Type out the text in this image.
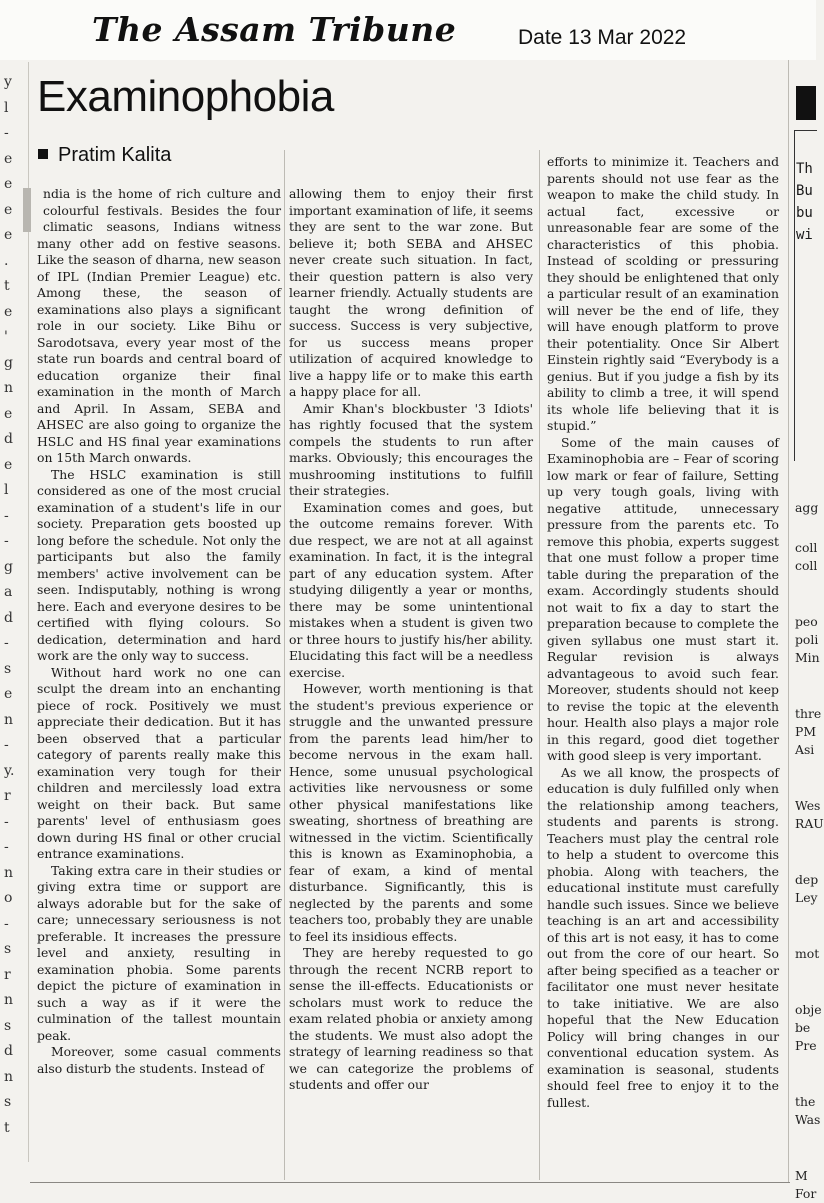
The Assam Tribune	Date 13 Mar 2022
y
l
-
e
e
e
e
.
t
e
'
g
n
e
d
e
l
-
-
g
a
d
-
s
e
n
-
y.
r
-
-
n
o
-
s
r
n
s
d
n
s
t
Examinophobia
Pratim Kalita

ndia is the home of rich culture and colourful festivals. Besides the four climatic seasons, Indians witness many other add on festive seasons. Like the season of dharna, new season of IPL (Indian Premier League) etc. Among these, the season of examinations also plays a significant role in our society. Like Bihu or Sarodotsava, every year most of the state run boards and central board of education organize their final examination in the month of March and April. In Assam, SEBA and AHSEC are also going to organize the HSLC and HS final year examinations on 15th March onwards.

The HSLC examination is still considered as one of the most crucial examination of a student's life in our society. Preparation gets boosted up long before the schedule. Not only the participants but also the family members' active involvement can be seen. Indisputably, nothing is wrong here. Each and everyone desires to be certified with flying colours. So dedication, determination and hard work are the only way to success.

Without hard work no one can sculpt the dream into an enchanting piece of rock. Positively we must appreciate their dedication. But it has been observed that a particular category of parents really make this examination very tough for their children and mercilessly load extra weight on their back. But same parents' level of enthusiasm goes down during HS final or other crucial entrance examinations.

Taking extra care in their studies or giving extra time or support are always adorable but for the sake of care; unnecessary seriousness is not preferable. It increases the pressure level and anxiety, resulting in examination phobia. Some parents depict the picture of examination in such a way as if it were the culmination of the tallest mountain peak.

Moreover, some casual comments also disturb the students. Instead of

allowing them to enjoy their first important examination of life, it seems they are sent to the war zone. But believe it; both SEBA and AHSEC never create such situation. In fact, their question pattern is also very learner friendly. Actually students are taught the wrong definition of success. Success is very subjective, for us success means proper utilization of acquired knowledge to live a happy life or to make this earth a happy place for all.

Amir Khan's blockbuster '3 Idiots' has rightly focused that the system compels the students to run after marks. Obviously; this encourages the mushrooming institutions to fulfill their strategies.

Examination comes and goes, but the outcome remains forever. With due respect, we are not at all against examination. In fact, it is the integral part of any education system. After studying diligently a year or months, there may be some unintentional mistakes when a student is given two or three hours to justify his/her ability. Elucidating this fact will be a needless exercise.

However, worth mentioning is that the student's previous experience or struggle and the unwanted pressure from the parents lead him/her to become nervous in the exam hall. Hence, some unusual psychological activities like nervousness or some other physical manifestations like sweating, shortness of breathing are witnessed in the victim. Scientifically this is known as Examinophobia, a fear of exam, a kind of mental disturbance. Significantly, this is neglected by the parents and some teachers too, probably they are unable to feel its insidious effects.

They are hereby requested to go through the recent NCRB report to sense the ill-effects. Educationists or scholars must work to reduce the exam related phobia or anxiety among the students. We must also adopt the strategy of learning readiness so that we can categorize the problems of students and offer our

efforts to minimize it. Teachers and parents should not use fear as the weapon to make the child study. In actual fact, excessive or unreasonable fear are some of the characteristics of this phobia. Instead of scolding or pressuring they should be enlightened that only a particular result of an examination will never be the end of life, they will have enough platform to prove their potentiality. Once Sir Albert Einstein rightly said “Everybody is a genius. But if you judge a fish by its ability to climb a tree, it will spend its whole life believing that it is stupid.”

Some of the main causes of Examinophobia are – Fear of scoring low mark or fear of failure, Setting up very tough goals, living with negative attitude, unnecessary pressure from the parents etc. To remove this phobia, experts suggest that one must follow a proper time table during the preparation of the exam. Accordingly students should not wait to fix a day to start the preparation because to complete the given syllabus one must start it. Regular revision is always advantageous to avoid such fear. Moreover, students should not keep to revise the topic at the eleventh hour. Health also plays a major role in this regard, good diet together with good sleep is very important.

As we all know, the prospects of education is duly fulfilled only when the relationship among teachers, students and parents is strong. Teachers must play the central role to help a student to overcome this phobia. Along with teachers, the educational institute must carefully handle such issues. Since we believe teaching is an art and accessibility of this art is not easy, it has to come out from the core of our heart. So after being specified as a teacher or facilitator one must never hesitate to take initiative. We are also hopeful that the New Education Policy will bring changes in our conventional education system. As examination is seasonal, students should feel free to enjoy it to the fullest.

Th
Bu
bu
wi
agg
coll
coll
peo
poli
Min
thre
PM
Asi
Wes
RAU
dep
Ley
mot
obje
be
Pre
the
Was
M
For
